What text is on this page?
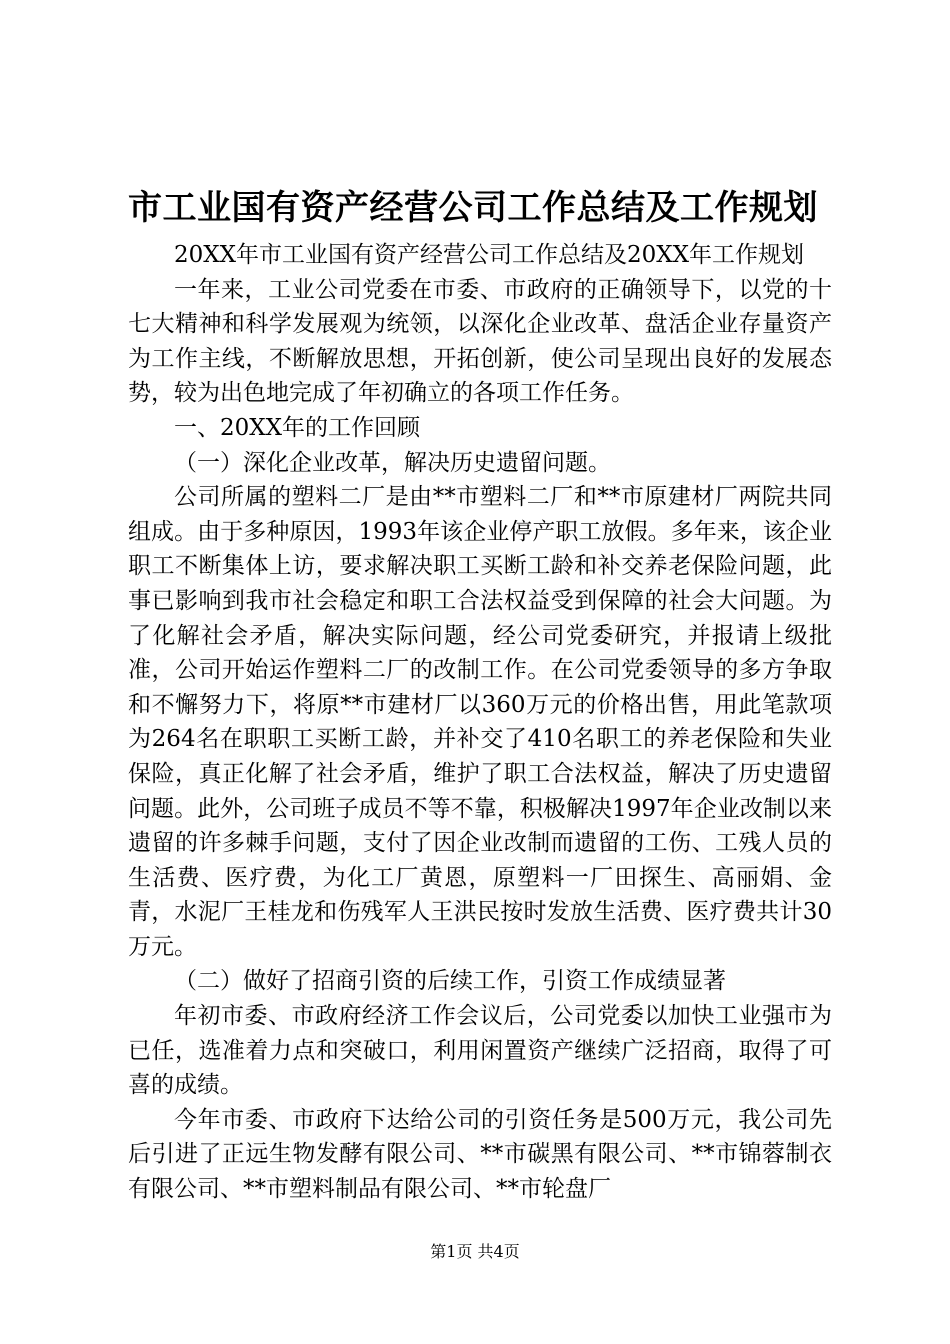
市工业国有资产经营公司工作总结及工作规划

20XX年市工业国有资产经营公司工作总结及20XX年工作规划

一年来，工业公司党委在市委、市政府的正确领导下，以党的十七大精神和科学发展观为统领，以深化企业改革、盘活企业存量资产为工作主线，不断解放思想，开拓创新，使公司呈现出良好的发展态势，较为出色地完成了年初确立的各项工作任务。

一、20XX年的工作回顾

（一）深化企业改革，解决历史遗留问题。

公司所属的塑料二厂是由**市塑料二厂和**市原建材厂两院共同组成。由于多种原因，1993年该企业停产职工放假。多年来，该企业职工不断集体上访，要求解决职工买断工龄和补交养老保险问题，此事已影响到我市社会稳定和职工合法权益受到保障的社会大问题。为了化解社会矛盾，解决实际问题，经公司党委研究，并报请上级批准，公司开始运作塑料二厂的改制工作。在公司党委领导的多方争取和不懈努力下，将原**市建材厂以360万元的价格出售，用此笔款项为264名在职职工买断工龄，并补交了410名职工的养老保险和失业保险，真正化解了社会矛盾，维护了职工合法权益，解决了历史遗留问题。此外，公司班子成员不等不靠，积极解决1997年企业改制以来遗留的许多棘手问题，支付了因企业改制而遗留的工伤、工残人员的生活费、医疗费，为化工厂黄恩，原塑料一厂田探生、高丽娟、金青，水泥厂王桂龙和伤残军人王洪民按时发放生活费、医疗费共计30万元。

（二）做好了招商引资的后续工作，引资工作成绩显著

年初市委、市政府经济工作会议后，公司党委以加快工业强市为已任，选准着力点和突破口，利用闲置资产继续广泛招商，取得了可喜的成绩。

今年市委、市政府下达给公司的引资任务是500万元，我公司先后引进了正远生物发酵有限公司、**市碳黑有限公司、**市锦蓉制衣有限公司、**市塑料制品有限公司、**市轮盘厂

第1页 共4页
